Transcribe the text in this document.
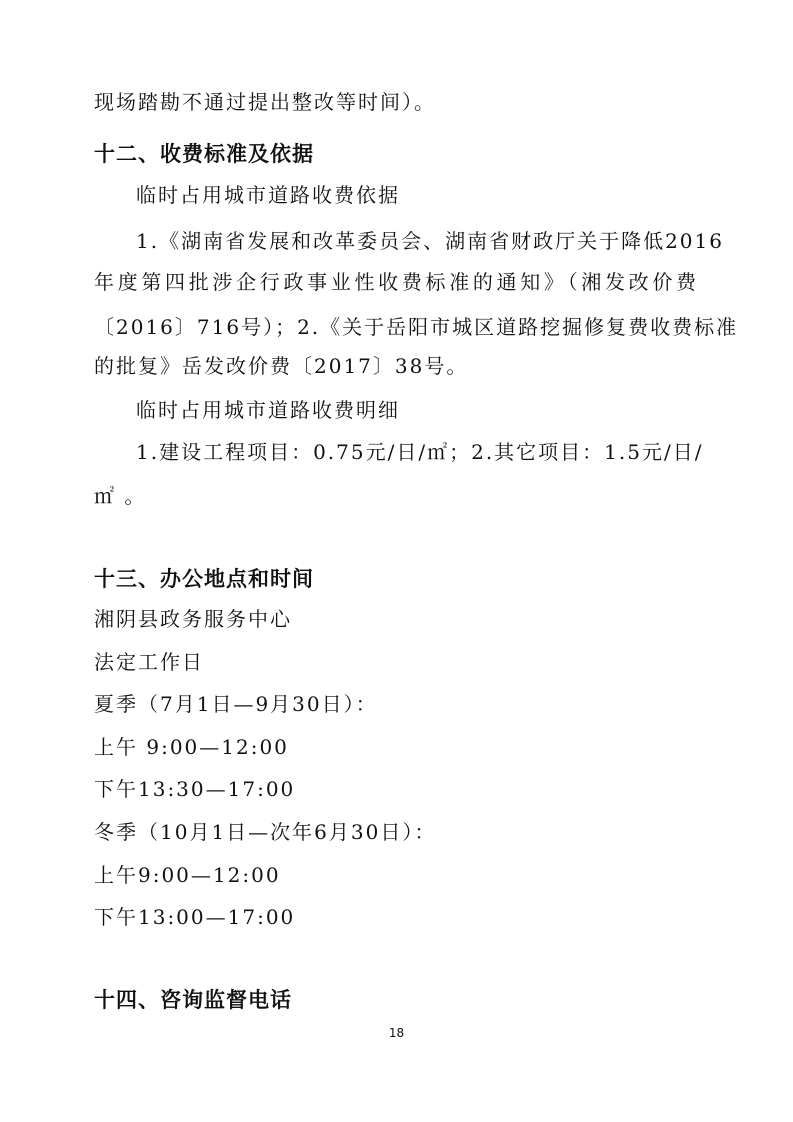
现场踏勘不通过提出整改等时间）。
十二、收费标准及依据
临时占用城市道路收费依据
1.《湖南省发展和改革委员会、湖南省财政厅关于降低2016
年度第四批涉企行政事业性收费标准的通知》（湘发改价费
〔2016〕716号）；2.《关于岳阳市城区道路挖掘修复费收费标准
的批复》岳发改价费〔2017〕38号。
临时占用城市道路收费明细
1.建设工程项目：0.75元/日/㎡；2.其它项目：1.5元/日/
㎡ 。
十三、办公地点和时间
湘阴县政务服务中心
法定工作日
夏季（7月1日—9月30日）：
上午 9:00—12:00
下午13:30—17:00
冬季（10月1日—次年6月30日）：
上午9:00—12:00
下午13:00—17:00
十四、咨询监督电话
18
